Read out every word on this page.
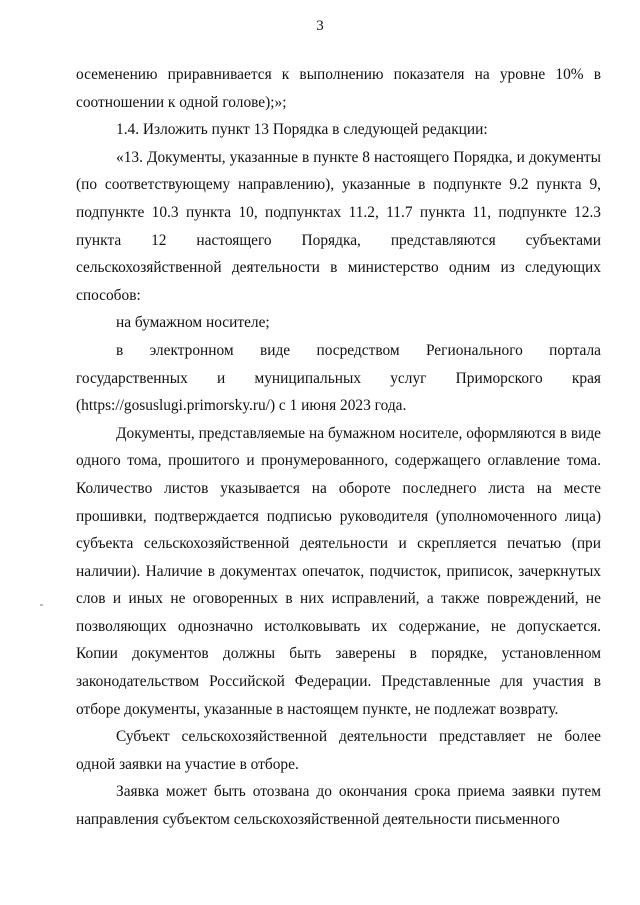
3

осеменению приравнивается к выполнению показателя на уровне 10% в соотношении к одной голове);»;

1.4. Изложить пункт 13 Порядка в следующей редакции:

«13. Документы, указанные в пункте 8 настоящего Порядка, и документы (по соответствующему направлению), указанные в подпункте 9.2 пункта 9, подпункте 10.3 пункта 10, подпунктах 11.2, 11.7 пункта 11, подпункте 12.3 пункта 12 настоящего Порядка, представляются субъектами сельскохозяйственной деятельности в министерство одним из следующих способов:

на бумажном носителе;

в электронном виде посредством Регионального портала государственных и муниципальных услуг Приморского края (https://gosuslugi.primorsky.ru/) с 1 июня 2023 года.

Документы, представляемые на бумажном носителе, оформляются в виде одного тома, прошитого и пронумерованного, содержащего оглавление тома. Количество листов указывается на обороте последнего листа на месте прошивки, подтверждается подписью руководителя (уполномоченного лица) субъекта сельскохозяйственной деятельности и скрепляется печатью (при наличии). Наличие в документах опечаток, подчисток, приписок, зачеркнутых слов и иных не оговоренных в них исправлений, а также повреждений, не позволяющих однозначно истолковывать их содержание, не допускается. Копии документов должны быть заверены в порядке, установленном законодательством Российской Федерации. Представленные для участия в отборе документы, указанные в настоящем пункте, не подлежат возврату.

Субъект сельскохозяйственной деятельности представляет не более одной заявки на участие в отборе.

Заявка может быть отозвана до окончания срока приема заявки путем направления субъектом сельскохозяйственной деятельности письменного
